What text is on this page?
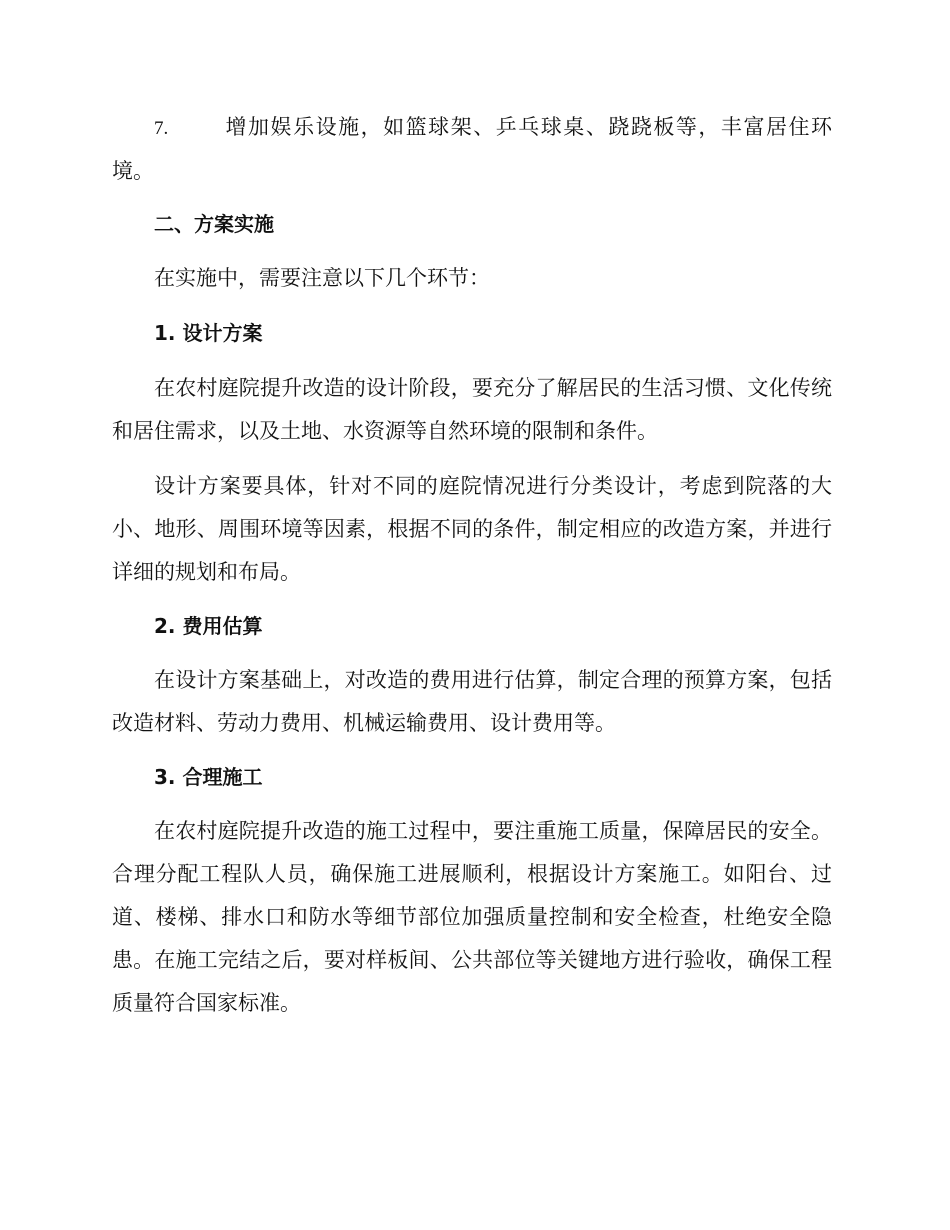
7.	增加娱乐设施，如篮球架、乒乓球桌、跷跷板等，丰富居住环境。

二、方案实施

在实施中，需要注意以下几个环节：

1. 设计方案

在农村庭院提升改造的设计阶段，要充分了解居民的生活习惯、文化传统和居住需求，以及土地、水资源等自然环境的限制和条件。

设计方案要具体，针对不同的庭院情况进行分类设计，考虑到院落的大小、地形、周围环境等因素，根据不同的条件，制定相应的改造方案，并进行详细的规划和布局。

2. 费用估算

在设计方案基础上，对改造的费用进行估算，制定合理的预算方案，包括改造材料、劳动力费用、机械运输费用、设计费用等。

3. 合理施工

在农村庭院提升改造的施工过程中，要注重施工质量，保障居民的安全。合理分配工程队人员，确保施工进展顺利，根据设计方案施工。如阳台、过道、楼梯、排水口和防水等细节部位加强质量控制和安全检查，杜绝安全隐患。在施工完结之后，要对样板间、公共部位等关键地方进行验收，确保工程质量符合国家标准。
